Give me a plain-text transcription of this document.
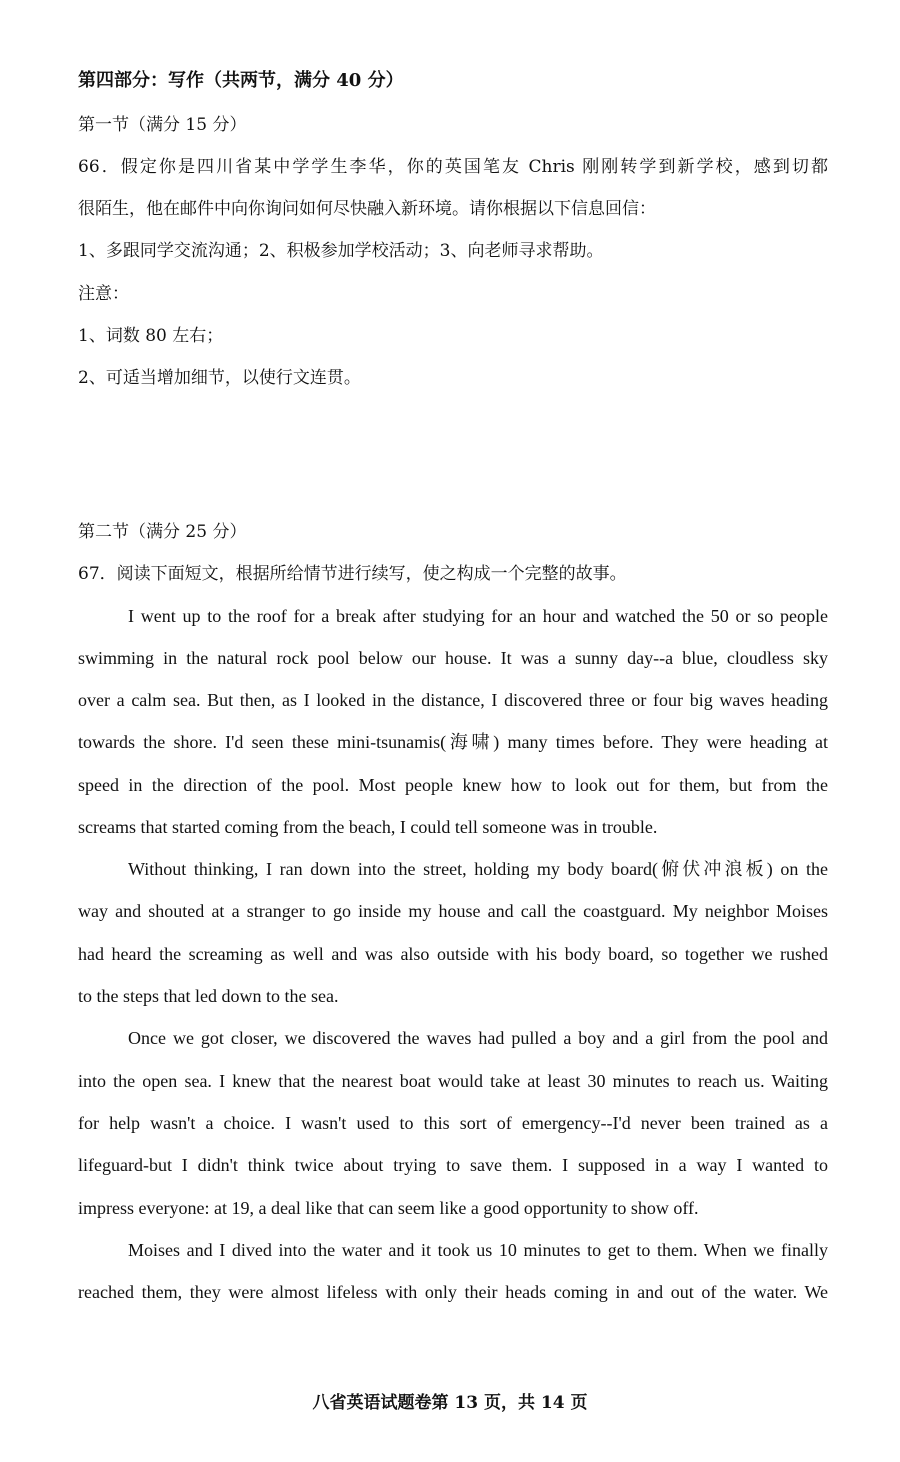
第四部分：写作（共两节，满分 40 分）
第一节（满分 15 分）
66．假定你是四川省某中学学生李华，你的英国笔友 Chris 刚刚转学到新学校，感到切都
很陌生，他在邮件中向你询问如何尽快融入新环境。请你根据以下信息回信：
1、多跟同学交流沟通；2、积极参加学校活动；3、向老师寻求帮助。
注意：
1、词数 80 左右；
2、可适当增加细节，以使行文连贯。
第二节（满分 25 分）
67．阅读下面短文，根据所给情节进行续写，使之构成一个完整的故事。
I went up to the roof for a break after studying for an hour and watched the 50 or so people
swimming in the natural rock pool below our house. It was a sunny day--a blue, cloudless sky
over a calm sea. But then, as I looked in the distance, I discovered three or four big waves heading
towards the shore. I'd seen these mini-tsunamis(海啸) many times before. They were heading at
speed in the direction of the pool. Most people knew how to look out for them, but from the
screams that started coming from the beach, I could tell someone was in trouble.
Without thinking, I ran down into the street, holding my body board(俯伏冲浪板) on the
way and shouted at a stranger to go inside my house and call the coastguard. My neighbor Moises
had heard the screaming as well and was also outside with his body board, so together we rushed
to the steps that led down to the sea.
Once we got closer, we discovered the waves had pulled a boy and a girl from the pool and
into the open sea. I knew that the nearest boat would take at least 30 minutes to reach us. Waiting
for help wasn't a choice. I wasn't used to this sort of emergency--I'd never been trained as a
lifeguard-but I didn't think twice about trying to save them. I supposed in a way I wanted to
impress everyone: at 19, a deal like that can seem like a good opportunity to show off.
Moises and I dived into the water and it took us 10 minutes to get to them. When we finally
reached them, they were almost lifeless with only their heads coming in and out of the water. We
八省英语试题卷第 13 页，共 14 页
